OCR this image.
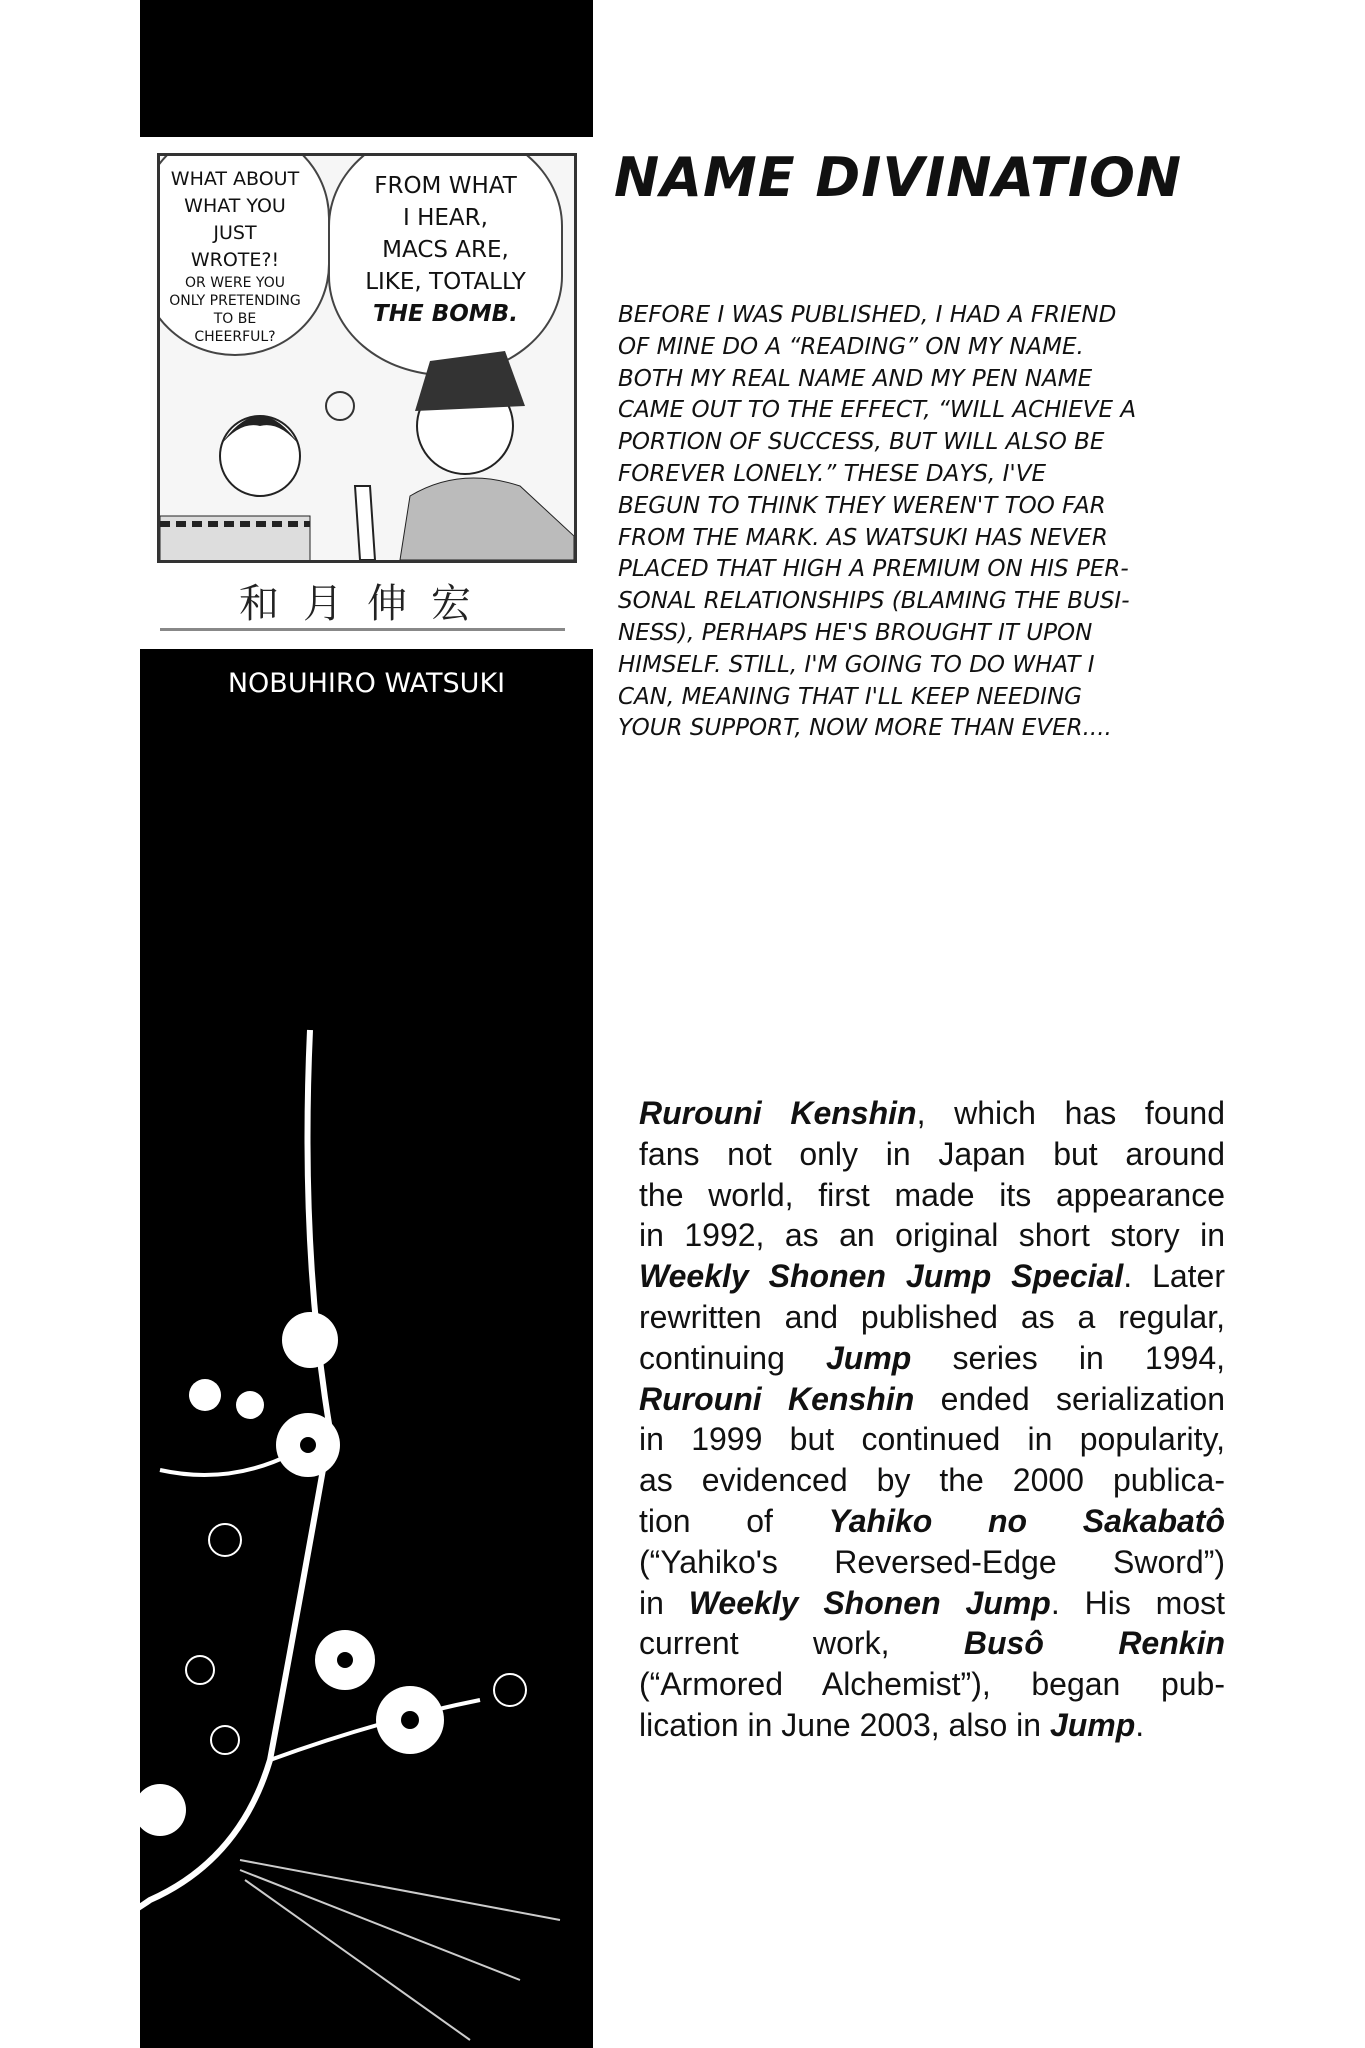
WHAT ABOUT
WHAT YOU
JUST
WROTE?!
OR WERE YOU
ONLY PRETENDING
TO BE
CHEERFUL?
FROM WHAT
I HEAR,
MACS ARE,
LIKE, TOTALLY
THE BOMB.
和月伸宏
NOBUHIRO WATSUKI
NAME DIVINATION
BEFORE I WAS PUBLISHED, I HAD A FRIEND
OF MINE DO A “READING” ON MY NAME.
BOTH MY REAL NAME AND MY PEN NAME
CAME OUT TO THE EFFECT, “WILL ACHIEVE A
PORTION OF SUCCESS, BUT WILL ALSO BE
FOREVER LONELY.” THESE DAYS, I'VE
BEGUN TO THINK THEY WEREN'T TOO FAR
FROM THE MARK. AS WATSUKI HAS NEVER
PLACED THAT HIGH A PREMIUM ON HIS PER-
SONAL RELATIONSHIPS (BLAMING THE BUSI-
NESS), PERHAPS HE'S BROUGHT IT UPON
HIMSELF. STILL, I'M GOING TO DO WHAT I
CAN, MEANING THAT I'LL KEEP NEEDING
YOUR SUPPORT, NOW MORE THAN EVER....
Rurouni Kenshin, which has found
fans not only in Japan but around
the world, first made its appearance
in 1992, as an original short story in
Weekly Shonen Jump Special. Later
rewritten and published as a regular,
continuing Jump series in 1994,
Rurouni Kenshin ended serialization
in 1999 but continued in popularity,
as evidenced by the 2000 publica-
tion of Yahiko no Sakabatô
(“Yahiko's Reversed-Edge Sword”)
in Weekly Shonen Jump. His most
current work, Busô Renkin
(“Armored Alchemist”), began pub-
lication in June 2003, also in Jump.
